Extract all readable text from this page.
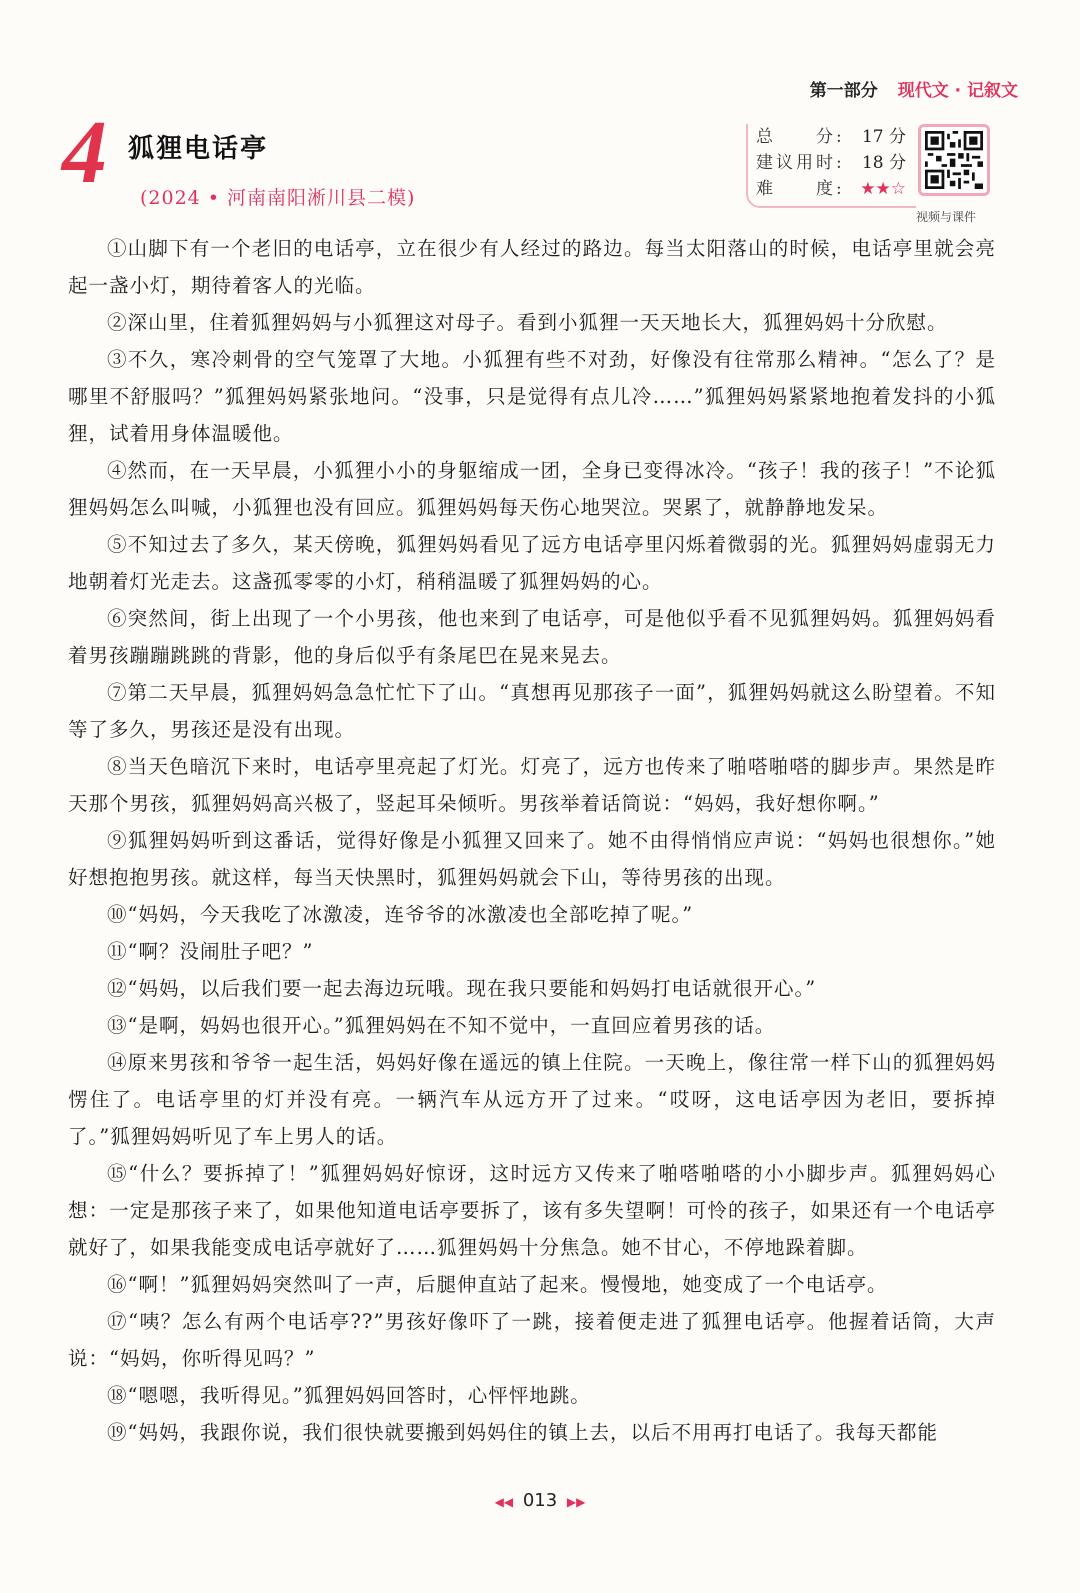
第一部分 现代文 · 记叙文
4 狐狸电话亭
(2024 • 河南南阳淅川县二模)
总　　分: 17 分
建议用时: 18 分
难　　度: ★★☆
视频与课件

①山脚下有一个老旧的电话亭，立在很少有人经过的路边。每当太阳落山的时候，电话亭里就会亮起一盏小灯，期待着客人的光临。

②深山里，住着狐狸妈妈与小狐狸这对母子。看到小狐狸一天天地长大，狐狸妈妈十分欣慰。

③不久，寒冷刺骨的空气笼罩了大地。小狐狸有些不对劲，好像没有往常那么精神。“怎么了？是哪里不舒服吗？”狐狸妈妈紧张地问。“没事，只是觉得有点儿冷……”狐狸妈妈紧紧地抱着发抖的小狐狸，试着用身体温暖他。

④然而，在一天早晨，小狐狸小小的身躯缩成一团，全身已变得冰冷。“孩子！我的孩子！”不论狐狸妈妈怎么叫喊，小狐狸也没有回应。狐狸妈妈每天伤心地哭泣。哭累了，就静静地发呆。

⑤不知过去了多久，某天傍晚，狐狸妈妈看见了远方电话亭里闪烁着微弱的光。狐狸妈妈虚弱无力地朝着灯光走去。这盏孤零零的小灯，稍稍温暖了狐狸妈妈的心。

⑥突然间，街上出现了一个小男孩，他也来到了电话亭，可是他似乎看不见狐狸妈妈。狐狸妈妈看着男孩蹦蹦跳跳的背影，他的身后似乎有条尾巴在晃来晃去。

⑦第二天早晨，狐狸妈妈急急忙忙下了山。“真想再见那孩子一面”，狐狸妈妈就这么盼望着。不知等了多久，男孩还是没有出现。

⑧当天色暗沉下来时，电话亭里亮起了灯光。灯亮了，远方也传来了啪嗒啪嗒的脚步声。果然是昨天那个男孩，狐狸妈妈高兴极了，竖起耳朵倾听。男孩举着话筒说：“妈妈，我好想你啊。”

⑨狐狸妈妈听到这番话，觉得好像是小狐狸又回来了。她不由得悄悄应声说：“妈妈也很想你。”她好想抱抱男孩。就这样，每当天快黑时，狐狸妈妈就会下山，等待男孩的出现。

⑩“妈妈，今天我吃了冰激凌，连爷爷的冰激凌也全部吃掉了呢。”

⑪“啊？没闹肚子吧？”

⑫“妈妈，以后我们要一起去海边玩哦。现在我只要能和妈妈打电话就很开心。”

⑬“是啊，妈妈也很开心。”狐狸妈妈在不知不觉中，一直回应着男孩的话。

⑭原来男孩和爷爷一起生活，妈妈好像在遥远的镇上住院。一天晚上，像往常一样下山的狐狸妈妈愣住了。电话亭里的灯并没有亮。一辆汽车从远方开了过来。“哎呀，这电话亭因为老旧，要拆掉了。”狐狸妈妈听见了车上男人的话。

⑮“什么？要拆掉了！”狐狸妈妈好惊讶，这时远方又传来了啪嗒啪嗒的小小脚步声。狐狸妈妈心想：一定是那孩子来了，如果他知道电话亭要拆了，该有多失望啊！可怜的孩子，如果还有一个电话亭就好了，如果我能变成电话亭就好了……狐狸妈妈十分焦急。她不甘心，不停地跺着脚。

⑯“啊！”狐狸妈妈突然叫了一声，后腿伸直站了起来。慢慢地，她变成了一个电话亭。

⑰“咦？怎么有两个电话亭??”男孩好像吓了一跳，接着便走进了狐狸电话亭。他握着话筒，大声说：“妈妈，你听得见吗？”

⑱“嗯嗯，我听得见。”狐狸妈妈回答时，心怦怦地跳。

⑲“妈妈，我跟你说，我们很快就要搬到妈妈住的镇上去，以后不用再打电话了。我每天都能

◀◀ 013 ▶▶
